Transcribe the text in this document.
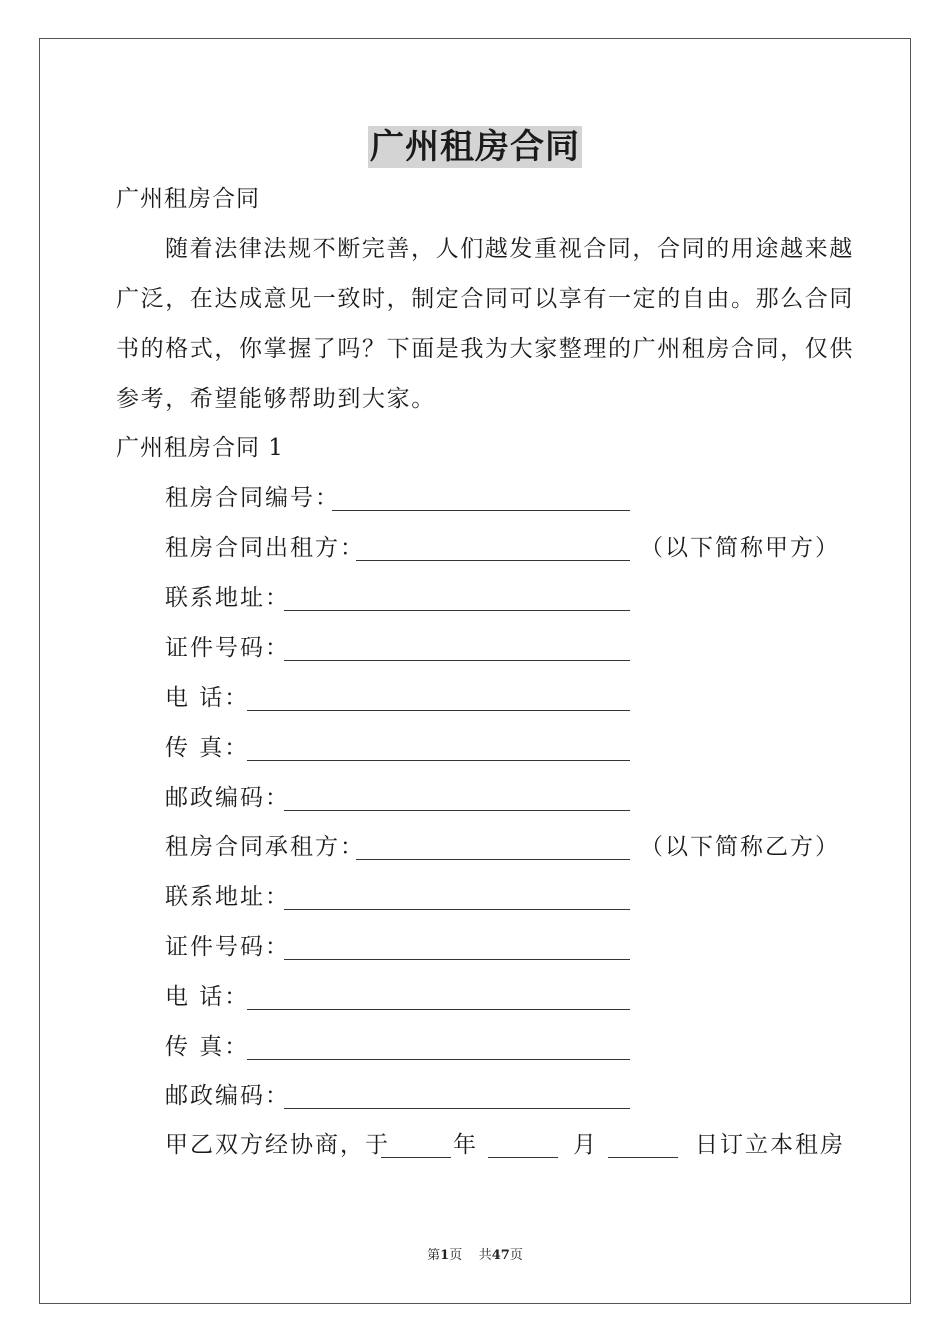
广州租房合同
广州租房合同
随着法律法规不断完善，人们越发重视合同，合同的用途越来越
广泛，在达成意见一致时，制定合同可以享有一定的自由。那么合同
书的格式，你掌握了吗？下面是我为大家整理的广州租房合同，仅供
参考，希望能够帮助到大家。
广州租房合同 1
租房合同编号：
租房合同出租方：	（以下简称甲方）
联系地址：
证件号码：
电 话：
传 真：
邮政编码：
租房合同承租方：	（以下简称乙方）
联系地址：
证件号码：
电 话：
传 真：
邮政编码：
甲乙双方经协商，于	年	月	日订立本租房
第1页 共47页
